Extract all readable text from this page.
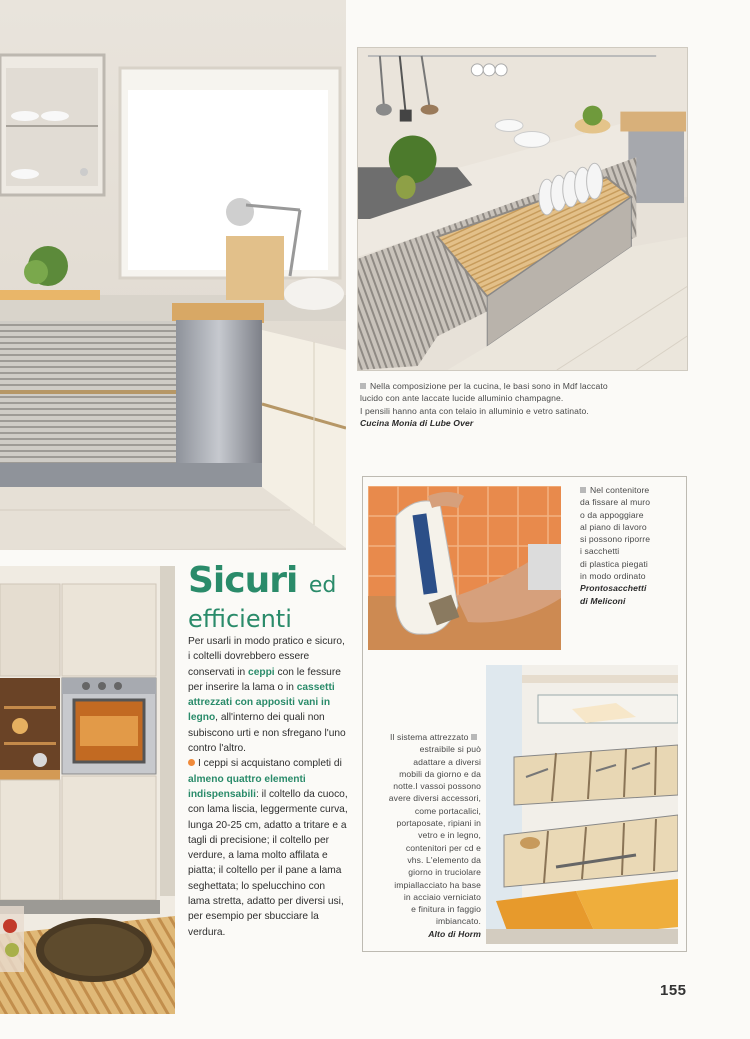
Nella composizione per la cucina, le basi sono in Mdf laccato
lucido con ante laccate lucide alluminio champagne.
I pensili hanno anta con telaio in alluminio e vetro satinato.
Cucina Monia di Lube Over
Sicuri ed
efficienti

Per usarli in modo pratico e sicuro, i coltelli dovrebbero essere conservati in ceppi con le fessure per inserire la lama o in cassetti attrezzati con appositi vani in legno, all'interno dei quali non subiscono urti e non sfregano l'uno contro l'altro.

I ceppi si acquistano completi di almeno quattro elementi indispensabili: il coltello da cuoco, con lama liscia, leggermente curva, lunga 20-25 cm, adatto a tritare e a tagli di precisione; il coltello per verdure, a lama molto affilata e piatta; il coltello per il pane a lama seghettata; lo spelucchino con lama stretta, adatto per diversi usi, per esempio per sbucciare la verdura.

Nel contenitore
da fissare al muro
o da appoggiare
al piano di lavoro
si possono riporre
i sacchetti
di plastica piegati
in modo ordinato
Prontosacchetti
di Meliconi
Il sistema attrezzato
estraibile si può
adattare a diversi
mobili da giorno e da
notte.I vassoi possono
avere diversi accessori,
come portacalici,
portaposate, ripiani in
vetro e in legno,
contenitori per cd e
vhs. L'elemento da
giorno in truciolare
impiallacciato ha base
in acciaio verniciato
e finitura in faggio
imbiancato.
Alto di Horm
155
